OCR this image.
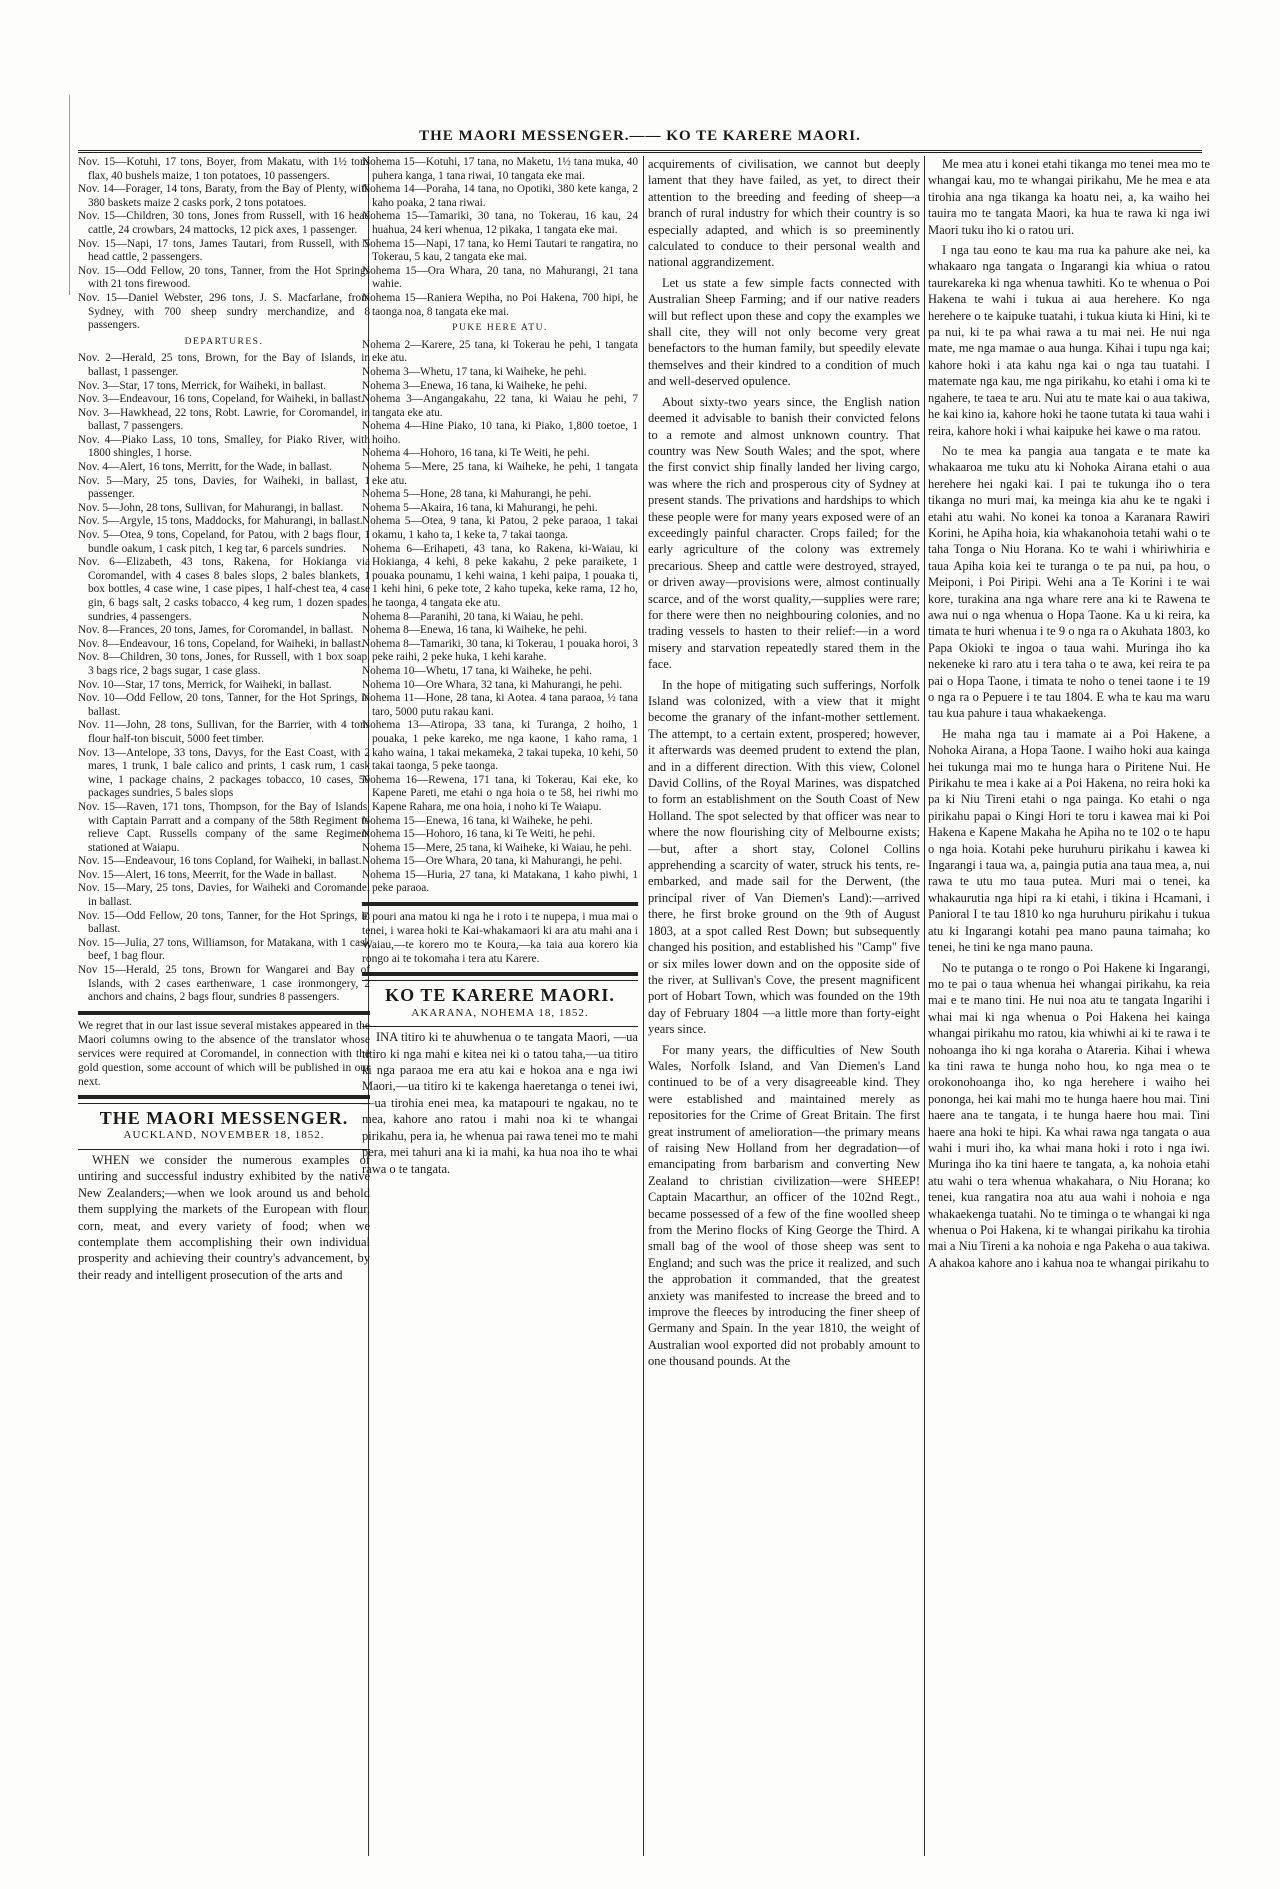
THE MAORI MESSENGER.—— KO TE KARERE MAORI.

Nov. 15—Kotuhi, 17 tons, Boyer, from Makatu, with 1½ tons flax, 40 bushels maize, 1 ton potatoes, 10 passengers.

Nov. 14—Forager, 14 tons, Baraty, from the Bay of Plenty, with 380 baskets maize 2 casks pork, 2 tons potatoes.

Nov. 15—Children, 30 tons, Jones from Russell, with 16 head cattle, 24 crowbars, 24 mattocks, 12 pick axes, 1 passenger.

Nov. 15—Napi, 17 tons, James Tautari, from Russell, with 5 head cattle, 2 passengers.

Nov. 15—Odd Fellow, 20 tons, Tanner, from the Hot Springs with 21 tons firewood.

Nov. 15—Daniel Webster, 296 tons, J. S. Macfarlane, from Sydney, with 700 sheep sundry merchandize, and 8 passengers.

DEPARTURES.

Nov. 2—Herald, 25 tons, Brown, for the Bay of Islands, in ballast, 1 passenger.

Nov. 3—Star, 17 tons, Merrick, for Waiheki, in ballast.

Nov. 3—Endeavour, 16 tons, Copeland, for Waiheki, in ballast.

Nov. 3—Hawkhead, 22 tons, Robt. Lawrie, for Coromandel, in ballast, 7 passengers.

Nov. 4—Piako Lass, 10 tons, Smalley, for Piako River, with 1800 shingles, 1 horse.

Nov. 4—Alert, 16 tons, Merritt, for the Wade, in ballast.

Nov. 5—Mary, 25 tons, Davies, for Waiheki, in ballast, 1 passenger.

Nov. 5—John, 28 tons, Sullivan, for Mahurangi, in ballast.

Nov. 5—Argyle, 15 tons, Maddocks, for Mahurangi, in ballast.

Nov. 5—Otea, 9 tons, Copeland, for Patou, with 2 bags flour, 1 bundle oakum, 1 cask pitch, 1 keg tar, 6 parcels sundries.

Nov. 6—Elizabeth, 43 tons, Rakena, for Hokianga via Coromandel, with 4 cases 8 bales slops, 2 bales blankets, 1 box bottles, 4 case wine, 1 case pipes, 1 half-chest tea, 4 case gin, 6 bags salt, 2 casks tobacco, 4 keg rum, 1 dozen spades, sundries, 4 passengers.

Nov. 8—Frances, 20 tons, James, for Coromandel, in ballast.

Nov. 8—Endeavour, 16 tons, Copeland, for Waiheki, in ballast.

Nov. 8—Children, 30 tons, Jones, for Russell, with 1 box soap, 3 bags rice, 2 bags sugar, 1 case glass.

Nov. 10—Star, 17 tons, Merrick, for Waiheki, in ballast.

Nov. 10—Odd Fellow, 20 tons, Tanner, for the Hot Springs, in ballast.

Nov. 11—John, 28 tons, Sullivan, for the Barrier, with 4 tons flour half-ton biscuit, 5000 feet timber.

Nov. 13—Antelope, 33 tons, Davys, for the East Coast, with 2 mares, 1 trunk, 1 bale calico and prints, 1 cask rum, 1 cask wine, 1 package chains, 2 packages tobacco, 10 cases, 50 packages sundries, 5 bales slops

Nov. 15—Raven, 171 tons, Thompson, for the Bay of Islands, with Captain Parratt and a company of the 58th Regiment to relieve Capt. Russells company of the same Regiment stationed at Waiapu.

Nov. 15—Endeavour, 16 tons Copland, for Waiheki, in ballast.

Nov. 15—Alert, 16 tons, Meerrit, for the Wade in ballast.

Nov. 15—Mary, 25 tons, Davies, for Waiheki and Coromandel in ballast.

Nov. 15—Odd Fellow, 20 tons, Tanner, for the Hot Springs, in ballast.

Nov. 15—Julia, 27 tons, Williamson, for Matakana, with 1 cask beef, 1 bag flour.

Nov 15—Herald, 25 tons, Brown for Wangarei and Bay of Islands, with 2 cases earthenware, 1 case ironmongery, 2 anchors and chains, 2 bags flour, sundries 8 passengers.

We regret that in our last issue several mistakes appeared in the Maori columns owing to the absence of the translator whose services were required at Coromandel, in connection with the gold question, some account of which will be published in our next.

THE MAORI MESSENGER.

AUCKLAND, NOVEMBER 18, 1852.

WHEN we consider the numerous examples of untiring and successful industry exhibited by the native New Zealanders;—when we look around us and behold them supplying the markets of the European with flour, corn, meat, and every variety of food; when we contemplate them accomplishing their own individual prosperity and achieving their country's advancement, by their ready and intelligent prosecution of the arts and

Nohema 15—Kotuhi, 17 tana, no Maketu, 1½ tana muka, 40 puhera kanga, 1 tana riwai, 10 tangata eke mai.

Nohema 14—Poraha, 14 tana, no Opotiki, 380 kete kanga, 2 kaho poaka, 2 tana riwai.

Nohema 15—Tamariki, 30 tana, no Tokerau, 16 kau, 24 huahua, 24 keri whenua, 12 pikaka, 1 tangata eke mai.

Nohema 15—Napi, 17 tana, ko Hemi Tautari te rangatira, no Tokerau, 5 kau, 2 tangata eke mai.

Nohema 15—Ora Whara, 20 tana, no Mahurangi, 21 tana wahie.

Nohema 15—Raniera Wepiha, no Poi Hakena, 700 hipi, he taonga noa, 8 tangata eke mai.

PUKE HERE ATU.

Nohema 2—Karere, 25 tana, ki Tokerau he pehi, 1 tangata eke atu.

Nohema 3—Whetu, 17 tana, ki Waiheke, he pehi.

Nohema 3—Enewa, 16 tana, ki Waiheke, he pehi.

Nohema 3—Angangakahu, 22 tana, ki Waiau he pehi, 7 tangata eke atu.

Nohema 4—Hine Piako, 10 tana, ki Piako, 1,800 toetoe, 1 hoiho.

Nohema 4—Hohoro, 16 tana, ki Te Weiti, he pehi.

Nohema 5—Mere, 25 tana, ki Waiheke, he pehi, 1 tangata eke atu.

Nohema 5—Hone, 28 tana, ki Mahurangi, he pehi.

Nohema 5—Akaira, 16 tana, ki Mahurangi, he pehi.

Nohema 5—Otea, 9 tana, ki Patou, 2 peke paraoa, 1 takai okamu, 1 kaho ta, 1 keke ta, 7 takai taonga.

Nohema 6—Erihapeti, 43 tana, ko Rakena, ki-Waiau, ki Hokianga, 4 kehi, 8 peke kakahu, 2 peke paraikete, 1 pouaka pounamu, 1 kehi waina, 1 kehi paipa, 1 pouaka ti, 1 kehi hini, 6 peke tote, 2 kaho tupeka, keke rama, 12 ho, he taonga, 4 tangata eke atu.

Nohema 8—Paranihi, 20 tana, ki Waiau, he pehi.

Nohema 8—Enewa, 16 tana, ki Waiheke, he pehi.

Nohema 8—Tamariki, 30 tana, ki Tokerau, 1 pouaka horoi, 3 peke raihi, 2 peke huka, 1 kehi karahe.

Nohema 10—Whetu, 17 tana, ki Waiheke, he pehi.

Nohema 10—Ore Whara, 32 tana, ki Mahurangi, he pehi.

Nohema 11—Hone, 28 tana, ki Aotea. 4 tana paraoa, ½ tana taro, 5000 putu rakau kani.

Nohema 13—Atiropa, 33 tana, ki Turanga, 2 hoiho, 1 pouaka, 1 peke kareko, me nga kaone, 1 kaho rama, 1 kaho waina, 1 takai mekameka, 2 takai tupeka, 10 kehi, 50 takai taonga, 5 peke taonga.

Nohema 16—Rewena, 171 tana, ki Tokerau, Kai eke, ko Kapene Pareti, me etahi o nga hoia o te 58, hei riwhi mo Kapene Rahara, me ona hoia, i noho ki Te Waiapu.

Nohema 15—Enewa, 16 tana, ki Waiheke, he pehi.

Nohema 15—Hohoro, 16 tana, ki Te Weiti, he pehi.

Nohema 15—Mere, 25 tana, ki Waiheke, ki Waiau, he pehi.

Nohema 15—Ore Whara, 20 tana, ki Mahurangi, he pehi.

Nohema 15—Huria, 27 tana, ki Matakana, 1 kaho piwhi, 1 peke paraoa.

E pouri ana matou ki nga he i roto i te nupepa, i mua mai o tenei, i warea hoki te Kai-whakamaori ki ara atu mahi ana i Waiau,—te korero mo te Koura,—ka taia aua korero kia rongo ai te tokomaha i tera atu Karere.

KO TE KARERE MAORI.

AKARANA, NOHEMA 18, 1852.

INA titiro ki te ahuwhenua o te tangata Maori, —ua titiro ki nga mahi e kitea nei ki o tatou taha,—ua titiro ki nga paraoa me era atu kai e hokoa ana e nga iwi Maori,—ua titiro ki te kakenga haeretanga o tenei iwi,—ua tirohia enei mea, ka matapouri te ngakau, no te mea, kahore ano ratou i mahi noa ki te whangai pirikahu, pera ia, he whenua pai rawa tenei mo te mahi pera, mei tahuri ana ki ia mahi, ka hua noa iho te whai rawa o te tangata.

acquirements of civilisation, we cannot but deeply lament that they have failed, as yet, to direct their attention to the breeding and feeding of sheep—a branch of rural industry for which their country is so especially adapted, and which is so preeminently calculated to conduce to their personal wealth and national aggrandizement.

Let us state a few simple facts connected with Australian Sheep Farming; and if our native readers will but reflect upon these and copy the examples we shall cite, they will not only become very great benefactors to the human family, but speedily elevate themselves and their kindred to a condition of much and well-deserved opulence.

About sixty-two years since, the English nation deemed it advisable to banish their convicted felons to a remote and almost unknown country. That country was New South Wales; and the spot, where the first convict ship finally landed her living cargo, was where the rich and prosperous city of Sydney at present stands. The privations and hardships to which these people were for many years exposed were of an exceedingly painful character. Crops failed; for the early agriculture of the colony was extremely precarious. Sheep and cattle were destroyed, strayed, or driven away—provisions were, almost continually scarce, and of the worst quality,—supplies were rare; for there were then no neighbouring colonies, and no trading vessels to hasten to their relief:—in a word misery and starvation repeatedly stared them in the face.

In the hope of mitigating such sufferings, Norfolk Island was colonized, with a view that it might become the granary of the infant-mother settlement. The attempt, to a certain extent, prospered; however, it afterwards was deemed prudent to extend the plan, and in a different direction. With this view, Colonel David Collins, of the Royal Marines, was dispatched to form an establishment on the South Coast of New Holland. The spot selected by that officer was near to where the now flourishing city of Melbourne exists;—but, after a short stay, Colonel Collins apprehending a scarcity of water, struck his tents, re-embarked, and made sail for the Derwent, (the principal river of Van Diemen's Land):—arrived there, he first broke ground on the 9th of August 1803, at a spot called Rest Down; but subsequently changed his position, and established his "Camp" five or six miles lower down and on the opposite side of the river, at Sullivan's Cove, the present magnificent port of Hobart Town, which was founded on the 19th day of February 1804 —a little more than forty-eight years since.

For many years, the difficulties of New South Wales, Norfolk Island, and Van Diemen's Land continued to be of a very disagreeable kind. They were established and maintained merely as repositories for the Crime of Great Britain. The first great instrument of amelioration—the primary means of raising New Holland from her degradation—of emancipating from barbarism and converting New Zealand to christian civilization—were SHEEP! Captain Macarthur, an officer of the 102nd Regt., became possessed of a few of the fine woolled sheep from the Merino flocks of King George the Third. A small bag of the wool of those sheep was sent to England; and such was the price it realized, and such the approbation it commanded, that the greatest anxiety was manifested to increase the breed and to improve the fleeces by introducing the finer sheep of Germany and Spain. In the year 1810, the weight of Australian wool exported did not probably amount to one thousand pounds. At the

Me mea atu i konei etahi tikanga mo tenei mea mo te whangai kau, mo te whangai pirikahu, Me he mea e ata tirohia ana nga tikanga ka hoatu nei, a, ka waiho hei tauira mo te tangata Maori, ka hua te rawa ki nga iwi Maori tuku iho ki o ratou uri.

I nga tau eono te kau ma rua ka pahure ake nei, ka whakaaro nga tangata o Ingarangi kia whiua o ratou taurekareka ki nga whenua tawhiti. Ko te whenua o Poi Hakena te wahi i tukua ai aua herehere. Ko nga herehere o te kaipuke tuatahi, i tukua kiuta ki Hini, ki te pa nui, ki te pa whai rawa a tu mai nei. He nui nga mate, me nga mamae o aua hunga. Kihai i tupu nga kai; kahore hoki i ata kahu nga kai o nga tau tuatahi. I matemate nga kau, me nga pirikahu, ko etahi i oma ki te ngahere, te taea te aru. Nui atu te mate kai o aua takiwa, he kai kino ia, kahore hoki he taone tutata ki taua wahi i reira, kahore hoki i whai kaipuke hei kawe o ma ratou.

No te mea ka pangia aua tangata e te mate ka whakaaroa me tuku atu ki Nohoka Airana etahi o aua herehere hei ngaki kai. I pai te tukunga iho o tera tikanga no muri mai, ka meinga kia ahu ke te ngaki i etahi atu wahi. No konei ka tonoa a Karanara Rawiri Korini, he Apiha hoia, kia whakanohoia tetahi wahi o te taha Tonga o Niu Horana. Ko te wahi i whiriwhiria e taua Apiha koia kei te turanga o te pa nui, pa hou, o Meiponi, i Poi Piripi. Wehi ana a Te Korini i te wai kore, turakina ana nga whare rere ana ki te Rawena te awa nui o nga whenua o Hopa Taone. Ka u ki reira, ka timata te huri whenua i te 9 o nga ra o Akuhata 1803, ko Papa Okioki te ingoa o taua wahi. Muringa iho ka nekeneke ki raro atu i tera taha o te awa, kei reira te pa pai o Hopa Taone, i timata te noho o tenei taone i te 19 o nga ra o Pepuere i te tau 1804. E wha te kau ma waru tau kua pahure i taua whakaekenga.

He maha nga tau i mamate ai a Poi Hakene, a Nohoka Airana, a Hopa Taone. I waiho hoki aua kainga hei tukunga mai mo te hunga hara o Piritene Nui. He Pirikahu te mea i kake ai a Poi Hakena, no reira hoki ka pa ki Niu Tireni etahi o nga painga. Ko etahi o nga pirikahu papai o Kingi Hori te toru i kawea mai ki Poi Hakena e Kapene Makaha he Apiha no te 102 o te hapu o nga hoia. Kotahi peke huruhuru pirikahu i kawea ki Ingarangi i taua wa, a, paingia putia ana taua mea, a, nui rawa te utu mo taua putea. Muri mai o tenei, ka whakaurutia nga hipi ra ki etahi, i tikina i Hcamani, i Panioral I te tau 1810 ko nga huruhuru pirikahu i tukua atu ki Ingarangi kotahi pea mano pauna taimaha; ko tenei, he tini ke nga mano pauna.

No te putanga o te rongo o Poi Hakene ki Ingarangi, mo te pai o taua whenua hei whangai pirikahu, ka reia mai e te mano tini. He nui noa atu te tangata Ingarihi i whai mai ki nga whenua o Poi Hakena hei kainga whangai pirikahu mo ratou, kia whiwhi ai ki te rawa i te nohoanga iho ki nga koraha o Atareria. Kihai i whewa ka tini rawa te hunga noho hou, ko nga mea o te orokonohoanga iho, ko nga herehere i waiho hei pononga, hei kai mahi mo te hunga haere hou mai. Tini haere ana te tangata, i te hunga haere hou mai. Tini haere ana hoki te hipi. Ka whai rawa nga tangata o aua wahi i muri iho, ka whai mana hoki i roto i nga iwi. Muringa iho ka tini haere te tangata, a, ka nohoia etahi atu wahi o tera whenua whakahara, o Niu Horana; ko tenei, kua rangatira noa atu aua wahi i nohoia e nga whakaekenga tuatahi. No te timinga o te whangai ki nga whenua o Poi Hakena, ki te whangai pirikahu ka tirohia mai a Niu Tireni a ka nohoia e nga Pakeha o aua takiwa. A ahakoa kahore ano i kahua noa te whangai pirikahu to
